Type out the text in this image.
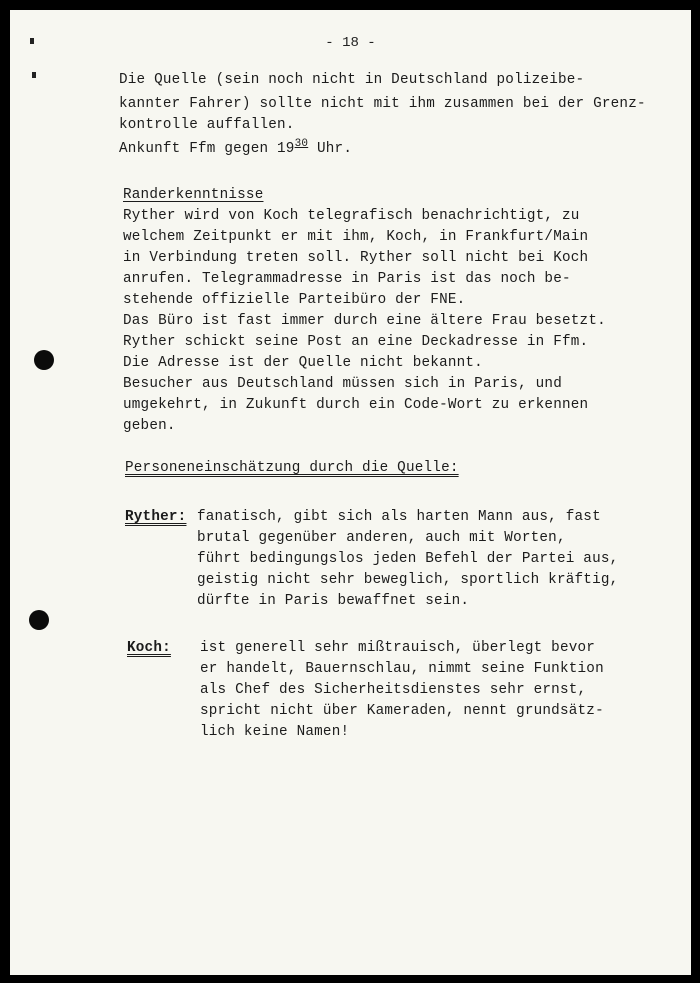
- 18 -
Die Quelle (sein noch nicht in Deutschland polizeibe-
kannter Fahrer) sollte nicht mit ihm zusammen bei der Grenz-
kontrolle auffallen.
Ankunft Ffm gegen $19^{30}$ Uhr.
Randerkenntnisse
Ryther wird von Koch telegrafisch benachrichtigt, zu
welchem Zeitpunkt er mit ihm, Koch, in Frankfurt/Main
in Verbindung treten soll. Ryther soll nicht bei Koch
anrufen. Telegrammadresse in Paris ist das noch be-
stehende offizielle Parteibüro der FNE.
Das Büro ist fast immer durch eine ältere Frau besetzt.
Ryther schickt seine Post an eine Deckadresse in Ffm.
Die Adresse ist der Quelle nicht bekannt.
Besucher aus Deutschland müssen sich in Paris, und
umgekehrt, in Zukunft durch ein Code-Wort zu erkennen
geben.
Personeneinschätzung durch die Quelle:
Ryther: fanatisch, gibt sich als harten Mann aus, fast
brutal gegenüber anderen, auch mit Worten,
führt bedingungslos jeden Befehl der Partei aus,
geistig nicht sehr beweglich, sportlich kräftig,
dürfte in Paris bewaffnet sein.
Koch: ist generell sehr mißtrauisch, überlegt bevor
er handelt, Bauernschlau, nimmt seine Funktion
als Chef des Sicherheitsdienstes sehr ernst,
spricht nicht über Kameraden, nennt grundsätz-
lich keine Namen!
